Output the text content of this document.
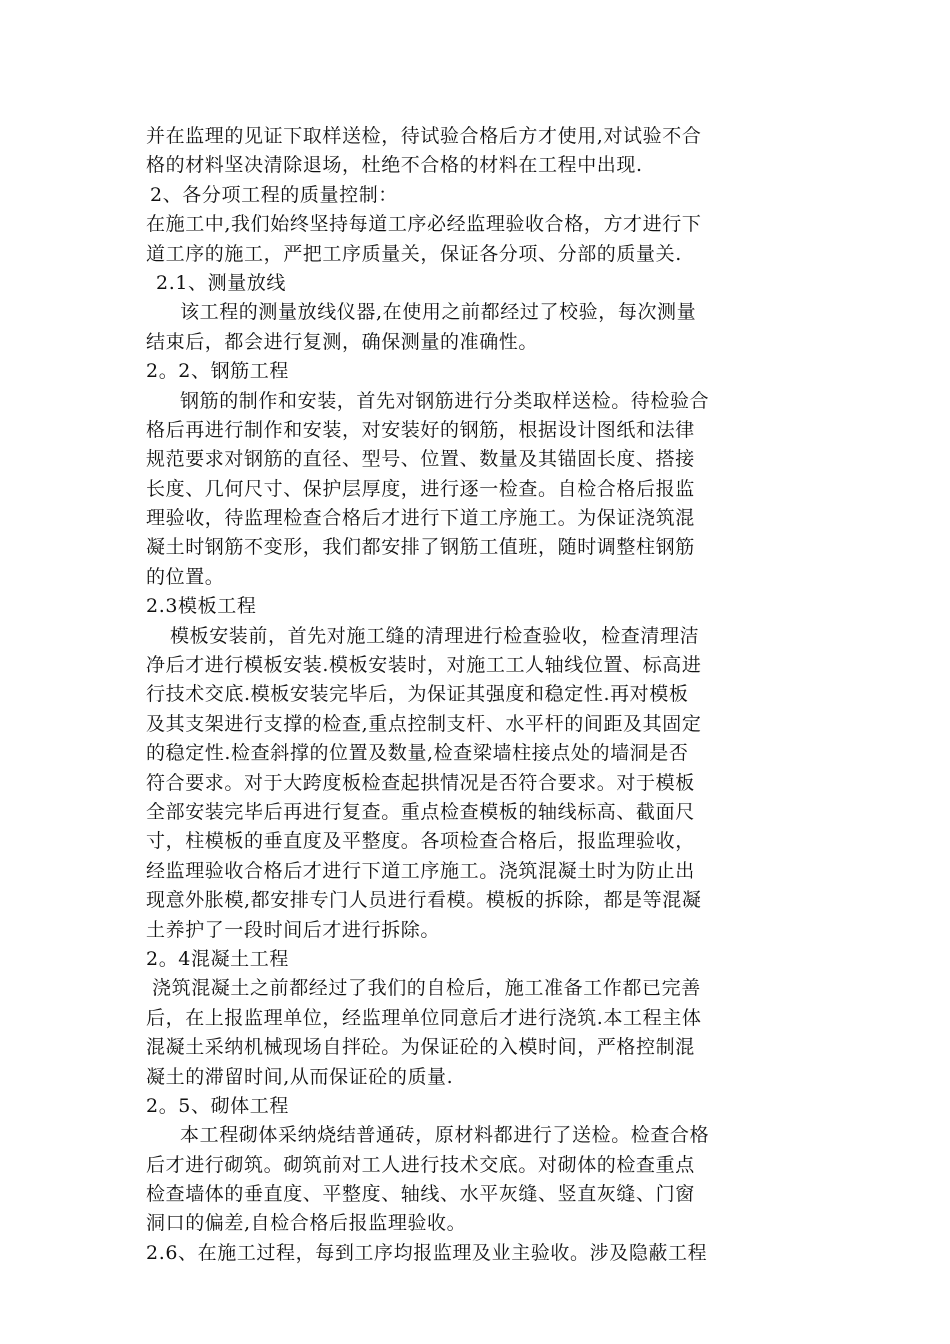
并在监理的见证下取样送检，待试验合格后方才使用,对试验不合
格的材料坚决清除退场，杜绝不合格的材料在工程中出现.
2、各分项工程的质量控制：
在施工中,我们始终坚持每道工序必经监理验收合格，方才进行下
道工序的施工，严把工序质量关，保证各分项、分部的质量关.
2.1、测量放线
该工程的测量放线仪器,在使用之前都经过了校验，每次测量
结束后，都会进行复测，确保测量的准确性。
2。2、钢筋工程
钢筋的制作和安装，首先对钢筋进行分类取样送检。待检验合
格后再进行制作和安装，对安装好的钢筋，根据设计图纸和法律
规范要求对钢筋的直径、型号、位置、数量及其锚固长度、搭接
长度、几何尺寸、保护层厚度，进行逐一检查。自检合格后报监
理验收，待监理检查合格后才进行下道工序施工。为保证浇筑混
凝土时钢筋不变形，我们都安排了钢筋工值班，随时调整柱钢筋
的位置。
2.3模板工程
模板安装前，首先对施工缝的清理进行检查验收，检查清理洁
净后才进行模板安装.模板安装时，对施工工人轴线位置、标高进
行技术交底.模板安装完毕后，为保证其强度和稳定性.再对模板
及其支架进行支撑的检查,重点控制支杆、水平杆的间距及其固定
的稳定性.检查斜撑的位置及数量,检查梁墙柱接点处的墙洞是否
符合要求。对于大跨度板检查起拱情况是否符合要求。对于模板
全部安装完毕后再进行复查。重点检查模板的轴线标高、截面尺
寸，柱模板的垂直度及平整度。各项检查合格后，报监理验收，
经监理验收合格后才进行下道工序施工。浇筑混凝土时为防止出
现意外胀模,都安排专门人员进行看模。模板的拆除，都是等混凝
土养护了一段时间后才进行拆除。
2。4混凝土工程
浇筑混凝土之前都经过了我们的自检后，施工准备工作都已完善
后，在上报监理单位，经监理单位同意后才进行浇筑.本工程主体
混凝土采纳机械现场自拌砼。为保证砼的入模时间，严格控制混
凝土的滞留时间,从而保证砼的质量.
2。5、砌体工程
本工程砌体采纳烧结普通砖，原材料都进行了送检。检查合格
后才进行砌筑。砌筑前对工人进行技术交底。对砌体的检查重点
检查墙体的垂直度、平整度、轴线、水平灰缝、竖直灰缝、门窗
洞口的偏差,自检合格后报监理验收。
2.6、在施工过程，每到工序均报监理及业主验收。涉及隐蔽工程
